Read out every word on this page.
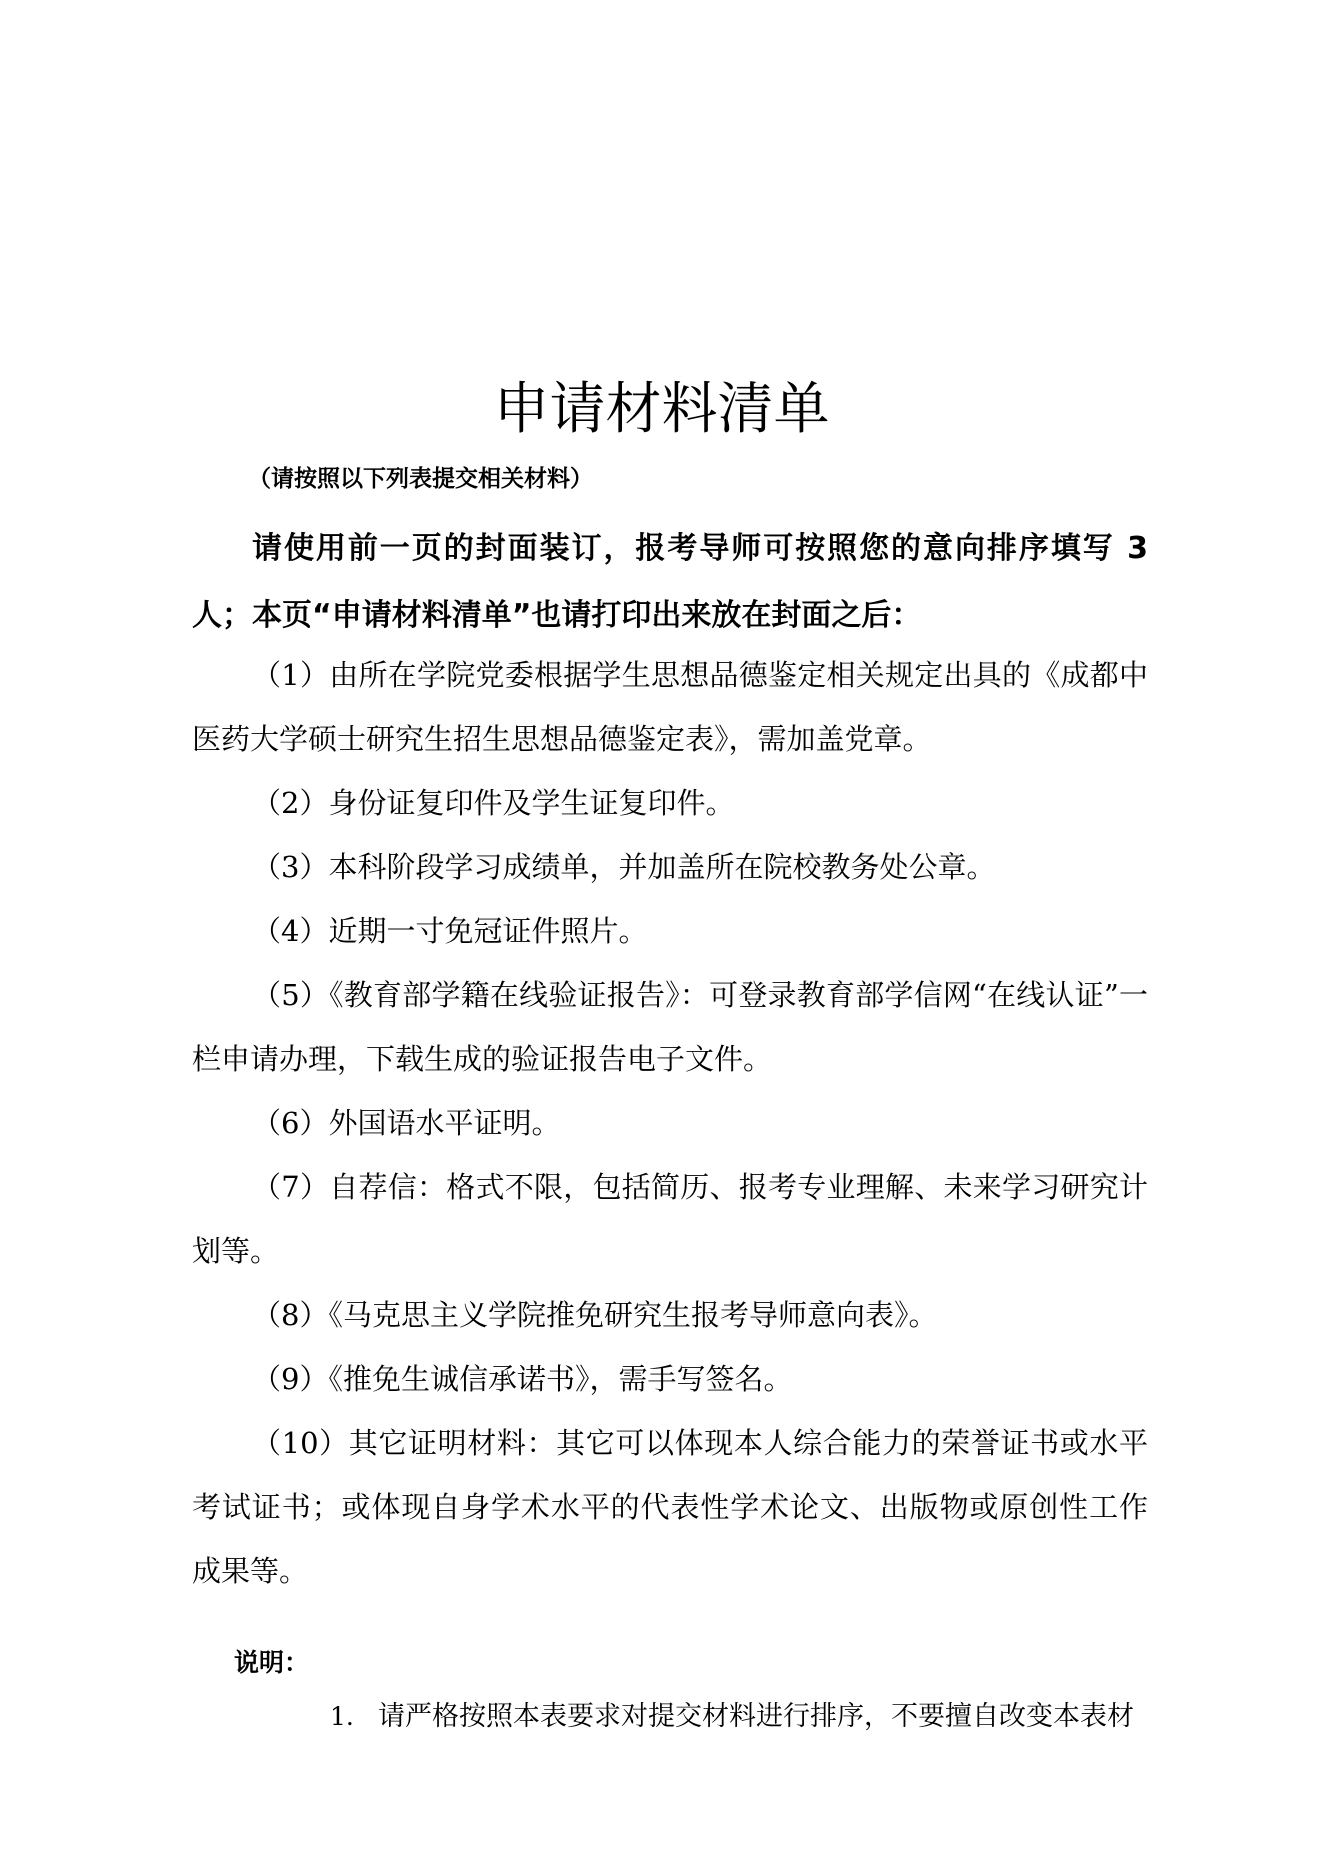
申请材料清单
（请按照以下列表提交相关材料）

请使用前一页的封面装订，报考导师可按照您的意向排序填写 3 人；本页“申请材料清单”也请打印出来放在封面之后：

（1）由所在学院党委根据学生思想品德鉴定相关规定出具的《成都中医药大学硕士研究生招生思想品德鉴定表》，需加盖党章。
（2）身份证复印件及学生证复印件。
（3）本科阶段学习成绩单，并加盖所在院校教务处公章。
（4）近期一寸免冠证件照片。
（5）《教育部学籍在线验证报告》：可登录教育部学信网“在线认证”一栏申请办理，下载生成的验证报告电子文件。
（6）外国语水平证明。
（7）自荐信：格式不限，包括简历、报考专业理解、未来学习研究计划等。
（8）《马克思主义学院推免研究生报考导师意向表》。
（9）《推免生诚信承诺书》，需手写签名。
（10）其它证明材料：其它可以体现本人综合能力的荣誉证书或水平考试证书；或体现自身学术水平的代表性学术论文、出版物或原创性工作成果等。
说明：
1. 请严格按照本表要求对提交材料进行排序，不要擅自改变本表材
